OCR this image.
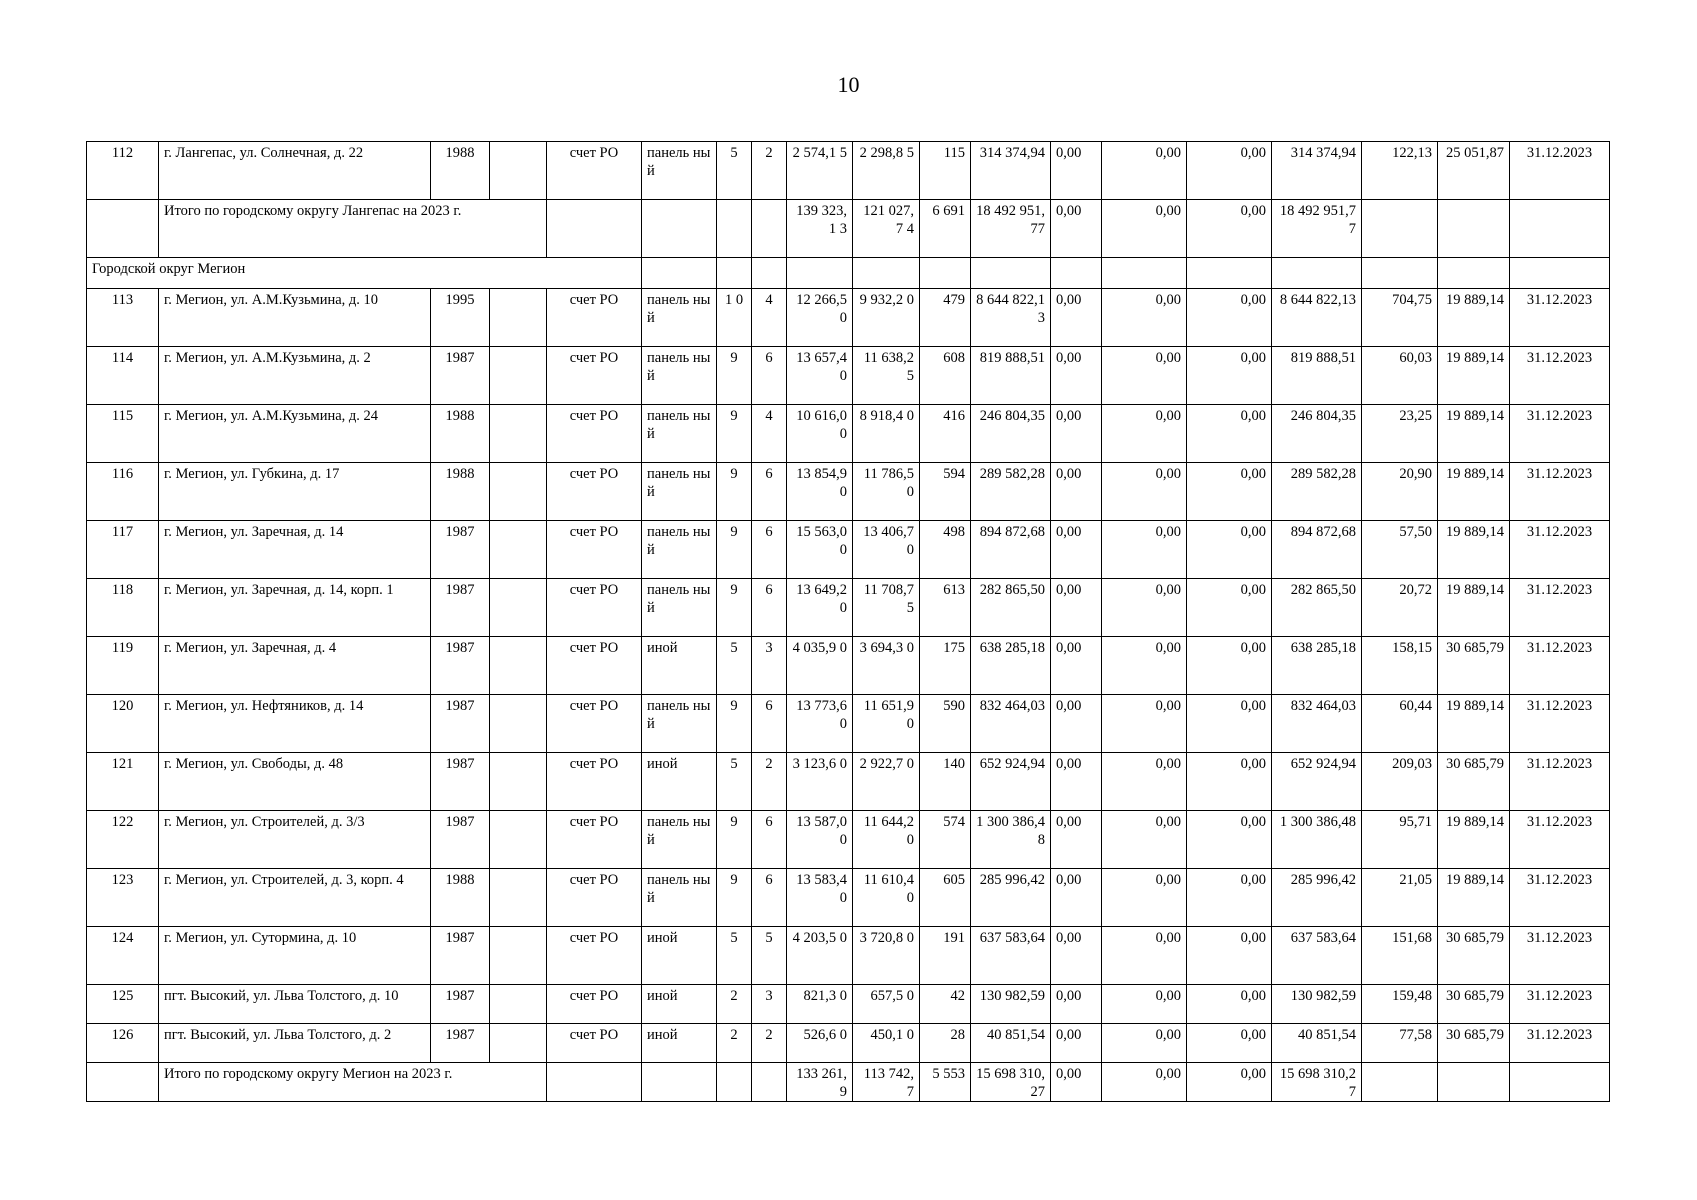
10
112	г. Лангепас, ул. Солнечная, д. 22	1988		счет РО	панель ный	5	2	2 574,1 5	2 298,8 5	115	314 374,94	0,00	0,00	0,00	314 374,94	122,13	25 051,87	31.12.2023
	Итого по городскому округу Лангепас на 2023 г.							139 323,1 3	121 027,7 4	6 691	18 492 951,77	0,00	0,00	0,00	18 492 951,77			
Городской округ Мегион																		
113	г. Мегион, ул. А.М.Кузьмина, д. 10	1995		счет РО	панель ный	1 0	4	12 266,5 0	9 932,2 0	479	8 644 822,13	0,00	0,00	0,00	8 644 822,13	704,75	19 889,14	31.12.2023
114	г. Мегион, ул. А.М.Кузьмина, д. 2	1987		счет РО	панель ный	9	6	13 657,4 0	11 638,2 5	608	819 888,51	0,00	0,00	0,00	819 888,51	60,03	19 889,14	31.12.2023
115	г. Мегион, ул. А.М.Кузьмина, д. 24	1988		счет РО	панель ный	9	4	10 616,0 0	8 918,4 0	416	246 804,35	0,00	0,00	0,00	246 804,35	23,25	19 889,14	31.12.2023
116	г. Мегион, ул. Губкина, д. 17	1988		счет РО	панель ный	9	6	13 854,9 0	11 786,5 0	594	289 582,28	0,00	0,00	0,00	289 582,28	20,90	19 889,14	31.12.2023
117	г. Мегион, ул. Заречная, д. 14	1987		счет РО	панель ный	9	6	15 563,0 0	13 406,7 0	498	894 872,68	0,00	0,00	0,00	894 872,68	57,50	19 889,14	31.12.2023
118	г. Мегион, ул. Заречная, д. 14, корп. 1	1987		счет РО	панель ный	9	6	13 649,2 0	11 708,7 5	613	282 865,50	0,00	0,00	0,00	282 865,50	20,72	19 889,14	31.12.2023
119	г. Мегион, ул. Заречная, д. 4	1987		счет РО	иной	5	3	4 035,9 0	3 694,3 0	175	638 285,18	0,00	0,00	0,00	638 285,18	158,15	30 685,79	31.12.2023
120	г. Мегион, ул. Нефтяников, д. 14	1987		счет РО	панель ный	9	6	13 773,6 0	11 651,9 0	590	832 464,03	0,00	0,00	0,00	832 464,03	60,44	19 889,14	31.12.2023
121	г. Мегион, ул. Свободы, д. 48	1987		счет РО	иной	5	2	3 123,6 0	2 922,7 0	140	652 924,94	0,00	0,00	0,00	652 924,94	209,03	30 685,79	31.12.2023
122	г. Мегион, ул. Строителей, д. 3/3	1987		счет РО	панель ный	9	6	13 587,0 0	11 644,2 0	574	1 300 386,48	0,00	0,00	0,00	1 300 386,48	95,71	19 889,14	31.12.2023
123	г. Мегион, ул. Строителей, д. 3, корп. 4	1988		счет РО	панель ный	9	6	13 583,4 0	11 610,4 0	605	285 996,42	0,00	0,00	0,00	285 996,42	21,05	19 889,14	31.12.2023
124	г. Мегион, ул. Сутормина, д. 10	1987		счет РО	иной	5	5	4 203,5 0	3 720,8 0	191	637 583,64	0,00	0,00	0,00	637 583,64	151,68	30 685,79	31.12.2023
125	пгт. Высокий, ул. Льва Толстого, д. 10	1987		счет РО	иной	2	3	821,3 0	657,5 0	42	130 982,59	0,00	0,00	0,00	130 982,59	159,48	30 685,79	31.12.2023
126	пгт. Высокий, ул. Льва Толстого, д. 2	1987		счет РО	иной	2	2	526,6 0	450,1 0	28	40 851,54	0,00	0,00	0,00	40 851,54	77,58	30 685,79	31.12.2023
	Итого по городскому округу Мегион на 2023 г.							133 261,9	113 742,7	5 553	15 698 310,27	0,00	0,00	0,00	15 698 310,27			
